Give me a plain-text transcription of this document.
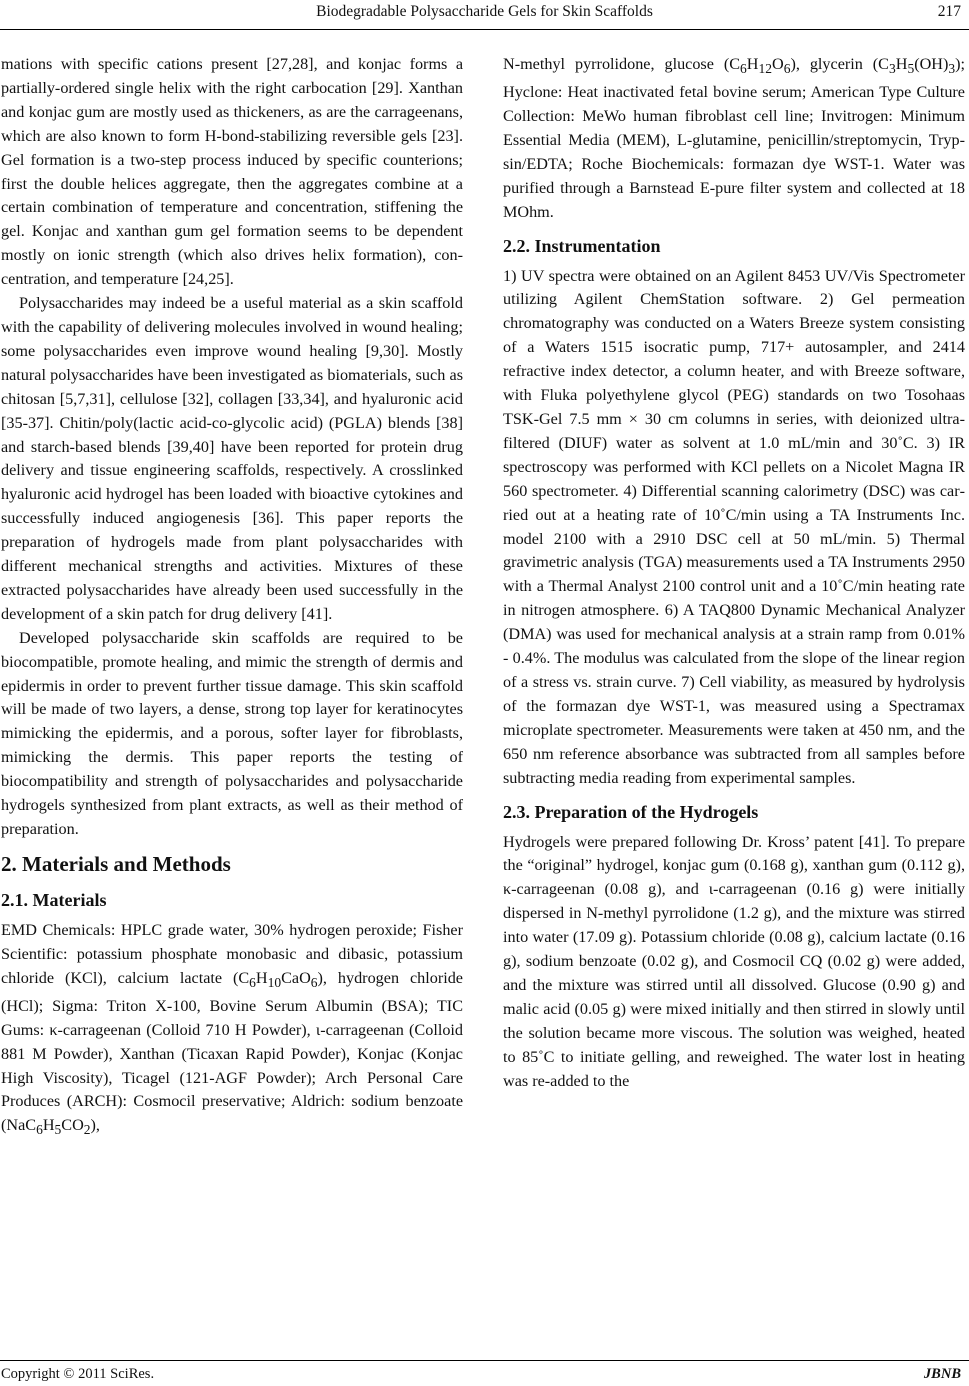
Biodegradable Polysaccharide Gels for Skin Scaffolds	217

mations with specific cations present [27,28], and konjac forms a partially-ordered single helix with the right carbocation [29]. Xanthan and konjac gum are mostly used as thickeners, as are the carrageenans, which are also known to form H-bond-stabilizing reversible gels [23]. Gel formation is a two-step process induced by specific counterions; first the double helices aggregate, then the aggregates combine at a certain combination of temperature and concentration, stiffening the gel. Konjac and xanthan gum gel formation seems to be dependent mostly on ionic strength (which also drives helix formation), concentration, and temperature [24,25].

Polysaccharides may indeed be a useful material as a skin scaffold with the capability of delivering molecules involved in wound healing; some polysaccharides even improve wound healing [9,30]. Mostly natural polysaccharides have been investigated as biomaterials, such as chitosan [5,7,31], cellulose [32], collagen [33,34], and hyaluronic acid [35-37]. Chitin/poly(lactic acid-co-glycolic acid) (PGLA) blends [38] and starch-based blends [39,40] have been reported for protein drug delivery and tissue engineering scaffolds, respectively. A crosslinked hyaluronic acid hydrogel has been loaded with bioactive cytokines and successfully induced angiogenesis [36]. This paper reports the preparation of hydrogels made from plant polysaccharides with different mechanical strengths and activities. Mixtures of these extracted polysaccharides have already been used successfully in the development of a skin patch for drug delivery [41].

Developed polysaccharide skin scaffolds are required to be biocompatible, promote healing, and mimic the strength of dermis and epidermis in order to prevent further tissue damage. This skin scaffold will be made of two layers, a dense, strong top layer for keratinocytes mimicking the epidermis, and a porous, softer layer for fibroblasts, mimicking the dermis. This paper reports the testing of biocompatibility and strength of polysaccharides and polysaccharide hydrogels synthesized from plant extracts, as well as their method of preparation.

2. Materials and Methods
2.1. Materials

EMD Chemicals: HPLC grade water, 30% hydrogen peroxide; Fisher Scientific: potassium phosphate monobasic and dibasic, potassium chloride (KCl), calcium lactate $(C_6H_{10}CaO_6)$, hydrogen chloride (HCl); Sigma: Triton X-100, Bovine Serum Albumin (BSA); TIC Gums: κ-carrageenan (Colloid 710 H Powder), ι-carrageenan (Colloid 881 M Powder), Xanthan (Ticaxan Rapid Powder), Konjac (Konjac High Viscosity), Ticagel (121-AGF Powder); Arch Personal Care Produces (ARCH): Cosmocil preservative; Aldrich: sodium benzoate $(NaC_6H_5CO_2)$,

N-methyl pyrrolidone, glucose $(C_6H_{12}O_6)$, glycerin $(C_3H_5(OH)_3)$; Hyclone: Heat inactivated fetal bovine serum; American Type Culture Collection: MeWo human fibroblast cell line; Invitrogen: Minimum Essential Media (MEM), L-glutamine, penicillin/streptomycin, Trypsin/EDTA; Roche Biochemicals: formazan dye WST-1. Water was purified through a Barnstead E-pure filter system and collected at 18 MOhm.

2.2. Instrumentation

1) UV spectra were obtained on an Agilent 8453 UV/Vis Spectrometer utilizing Agilent ChemStation software. 2) Gel permeation chromatography was conducted on a Waters Breeze system consisting of a Waters 1515 isocratic pump, 717+ autosampler, and 2414 refractive index detector, a column heater, and with Breeze software, with Fluka polyethylene glycol (PEG) standards on two Tosohaas TSK-Gel 7.5 mm × 30 cm columns in series, with deionized ultra-filtered (DIUF) water as solvent at 1.0 mL/min and 30˚C. 3) IR spectroscopy was performed with KCl pellets on a Nicolet Magna IR 560 spectrometer. 4) Differential scanning calorimetry (DSC) was carried out at a heating rate of 10˚C/min using a TA Instruments Inc. model 2100 with a 2910 DSC cell at 50 mL/min. 5) Thermal gravimetric analysis (TGA) measurements used a TA Instruments 2950 with a Thermal Analyst 2100 control unit and a 10˚C/min heating rate in nitrogen atmosphere. 6) A TAQ800 Dynamic Mechanical Analyzer (DMA) was used for mechanical analysis at a strain ramp from 0.01% - 0.4%. The modulus was calculated from the slope of the linear region of a stress vs. strain curve. 7) Cell viability, as measured by hydrolysis of the formazan dye WST-1, was measured using a Spectramax microplate spectrometer. Measurements were taken at 450 nm, and the 650 nm reference absorbance was subtracted from all samples before subtracting media reading from experimental samples.

2.3. Preparation of the Hydrogels

Hydrogels were prepared following Dr. Kross’ patent [41]. To prepare the “original” hydrogel, konjac gum (0.168 g), xanthan gum (0.112 g), κ-carrageenan (0.08 g), and ι-carrageenan (0.16 g) were initially dispersed in N-methyl pyrrolidone (1.2 g), and the mixture was stirred into water (17.09 g). Potassium chloride (0.08 g), calcium lactate (0.16 g), sodium benzoate (0.02 g), and Cosmocil CQ (0.02 g) were added, and the mixture was stirred until all dissolved. Glucose (0.90 g) and malic acid (0.05 g) were mixed initially and then stirred in slowly until the solution became more viscous. The solution was weighed, heated to 85˚C to initiate gelling, and reweighed. The water lost in heating was re-added to the

Copyright © 2011 SciRes.	JBNB
